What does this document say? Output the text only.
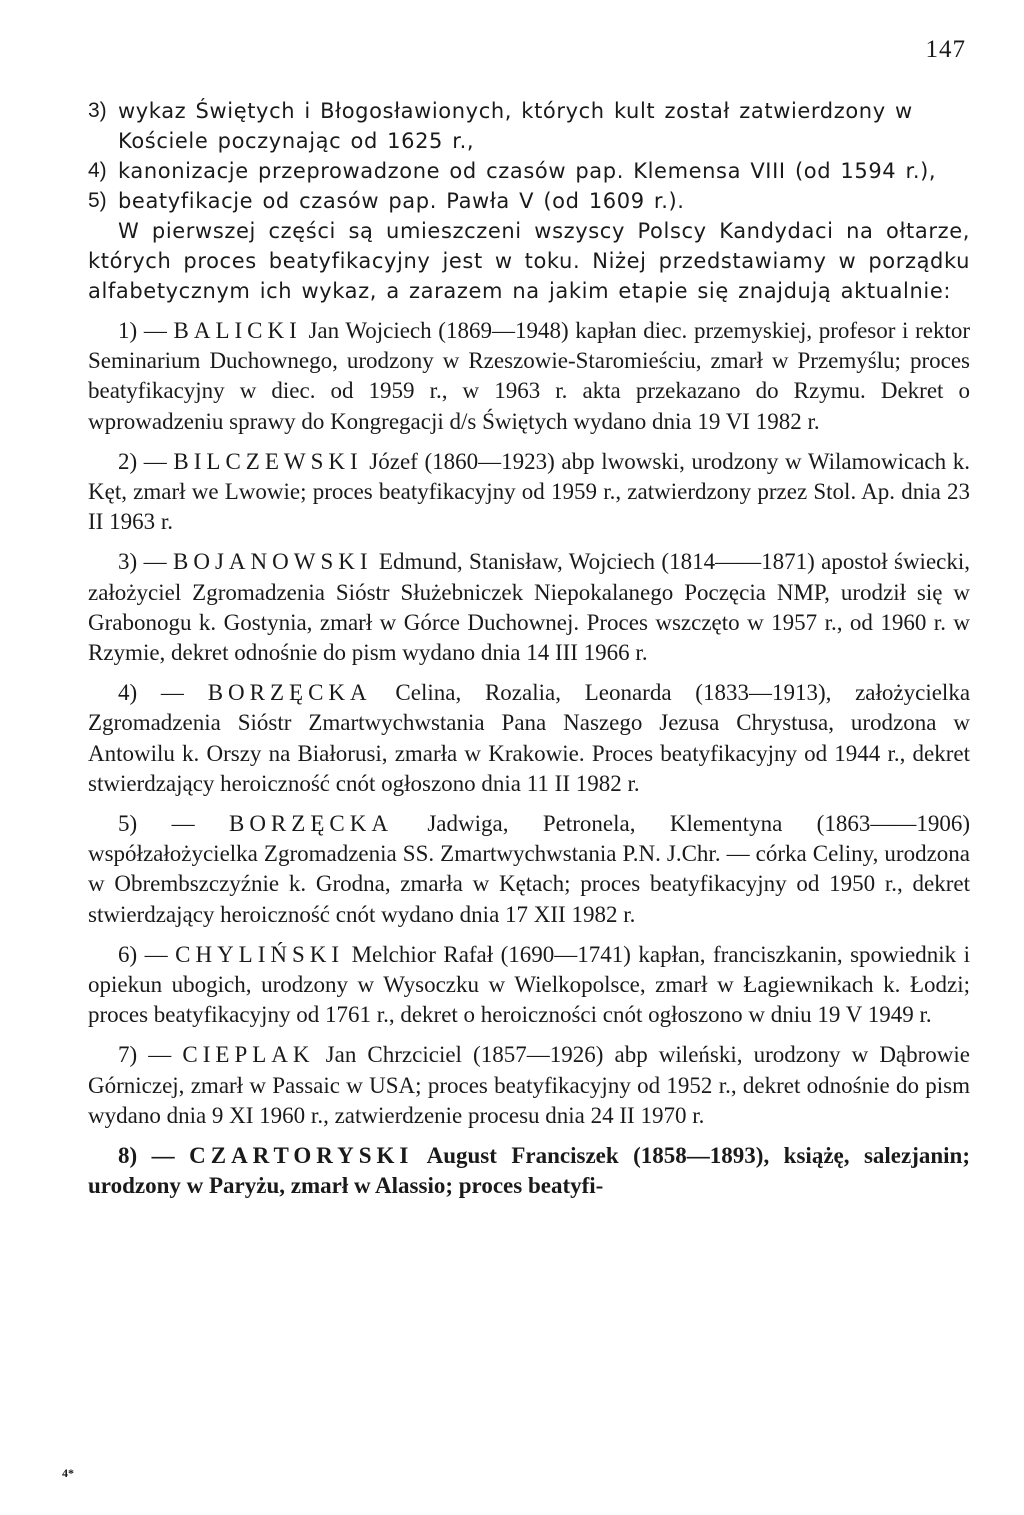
147
3) wykaz Świętych i Błogosławionych, których kult został zatwierdzony w Kościele poczynając od 1625 r.,
4) kanonizacje przeprowadzone od czasów pap. Klemensa VIII (od 1594 r.),
5) beatyfikacje od czasów pap. Pawła V (od 1609 r.).

W pierwszej części są umieszczeni wszyscy Polscy Kandydaci na ołtarze, których proces beatyfikacyjny jest w toku. Niżej przedstawiamy w porządku alfabetycznym ich wykaz, a zarazem na jakim etapie się znajdują aktualnie:

1) — BALICKI Jan Wojciech (1869—1948) kapłan diec. przemyskiej, profesor i rektor Seminarium Duchownego, urodzony w Rzeszowie-Staromieściu, zmarł w Przemyślu; proces beatyfikacyjny w diec. od 1959 r., w 1963 r. akta przekazano do Rzymu. Dekret o wprowadzeniu sprawy do Kongregacji d/s Świętych wydano dnia 19 VI 1982 r.

2) — BILCZEWSKI Józef (1860—1923) abp lwowski, urodzony w Wilamowicach k. Kęt, zmarł we Lwowie; proces beatyfikacyjny od 1959 r., zatwierdzony przez Stol. Ap. dnia 23 II 1963 r.

3) — BOJANOWSKI Edmund, Stanisław, Wojciech (1814——1871) apostoł świecki, założyciel Zgromadzenia Sióstr Służebniczek Niepokalanego Poczęcia NMP, urodził się w Grabonogu k. Gostynia, zmarł w Górce Duchownej. Proces wszczęto w 1957 r., od 1960 r. w Rzymie, dekret odnośnie do pism wydano dnia 14 III 1966 r.

4) — BORZĘCKA Celina, Rozalia, Leonarda (1833—1913), założycielka Zgromadzenia Sióstr Zmartwychwstania Pana Naszego Jezusa Chrystusa, urodzona w Antowilu k. Orszy na Białorusi, zmarła w Krakowie. Proces beatyfikacyjny od 1944 r., dekret stwierdzający heroiczność cnót ogłoszono dnia 11 II 1982 r.

5) — BORZĘCKA Jadwiga, Petronela, Klementyna (1863——1906) współzałożycielka Zgromadzenia SS. Zmartwychwstania P.N. J.Chr. — córka Celiny, urodzona w Obrembszczyźnie k. Grodna, zmarła w Kętach; proces beatyfikacyjny od 1950 r., dekret stwierdzający heroiczność cnót wydano dnia 17 XII 1982 r.

6) — CHYLIŃSKI Melchior Rafał (1690—1741) kapłan, franciszkanin, spowiednik i opiekun ubogich, urodzony w Wysoczku w Wielkopolsce, zmarł w Łagiewnikach k. Łodzi; proces beatyfikacyjny od 1761 r., dekret o heroiczności cnót ogłoszono w dniu 19 V 1949 r.

7) — CIEPLAK Jan Chrzciciel (1857—1926) abp wileński, urodzony w Dąbrowie Górniczej, zmarł w Passaic w USA; proces beatyfikacyjny od 1952 r., dekret odnośnie do pism wydano dnia 9 XI 1960 r., zatwierdzenie procesu dnia 24 II 1970 r.

8) — CZARTORYSKI August Franciszek (1858—1893), książę, salezjanin; urodzony w Paryżu, zmarł w Alassio; proces beatyfi-

4*
